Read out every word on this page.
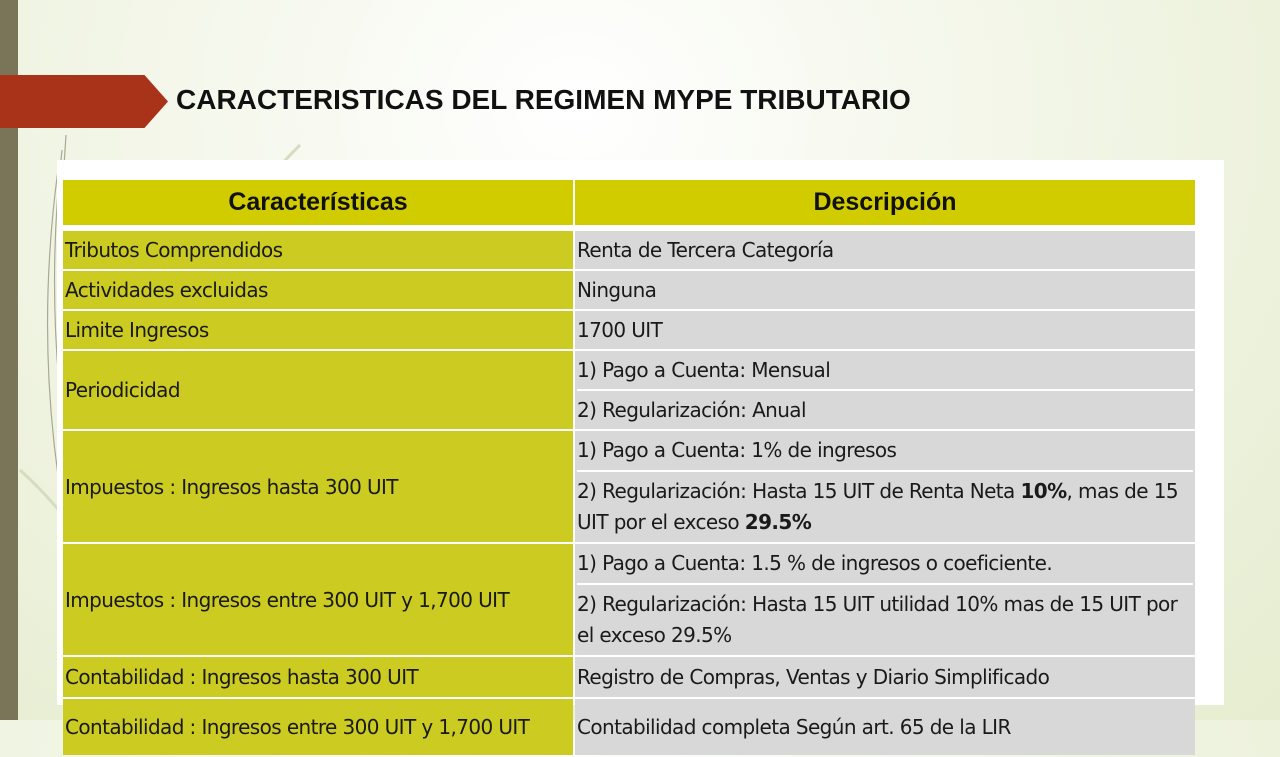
CARACTERISTICAS DEL REGIMEN MYPE TRIBUTARIO
Características	Descripción

Tributos Comprendidos	Renta de Tercera Categoría

Actividades excluidas	Ninguna

Limite Ingresos	1700 UIT

Periodicidad	1) Pago a Cuenta: Mensual
2) Regularización: Anual

Impuestos : Ingresos hasta 300 UIT	1) Pago a Cuenta: 1% de ingresos
2) Regularización: Hasta 15 UIT de Renta Neta 10%, mas de 15 UIT por el exceso 29.5%

Impuestos : Ingresos entre 300 UIT y 1,700 UIT	1) Pago a Cuenta: 1.5 % de ingresos o coeficiente.
2) Regularización: Hasta 15 UIT utilidad 10% mas de 15 UIT por el exceso 29.5%

Contabilidad : Ingresos hasta 300 UIT	Registro de Compras, Ventas y Diario Simplificado

Contabilidad : Ingresos entre 300 UIT y 1,700 UIT	Contabilidad completa Según art. 65 de la LIR
